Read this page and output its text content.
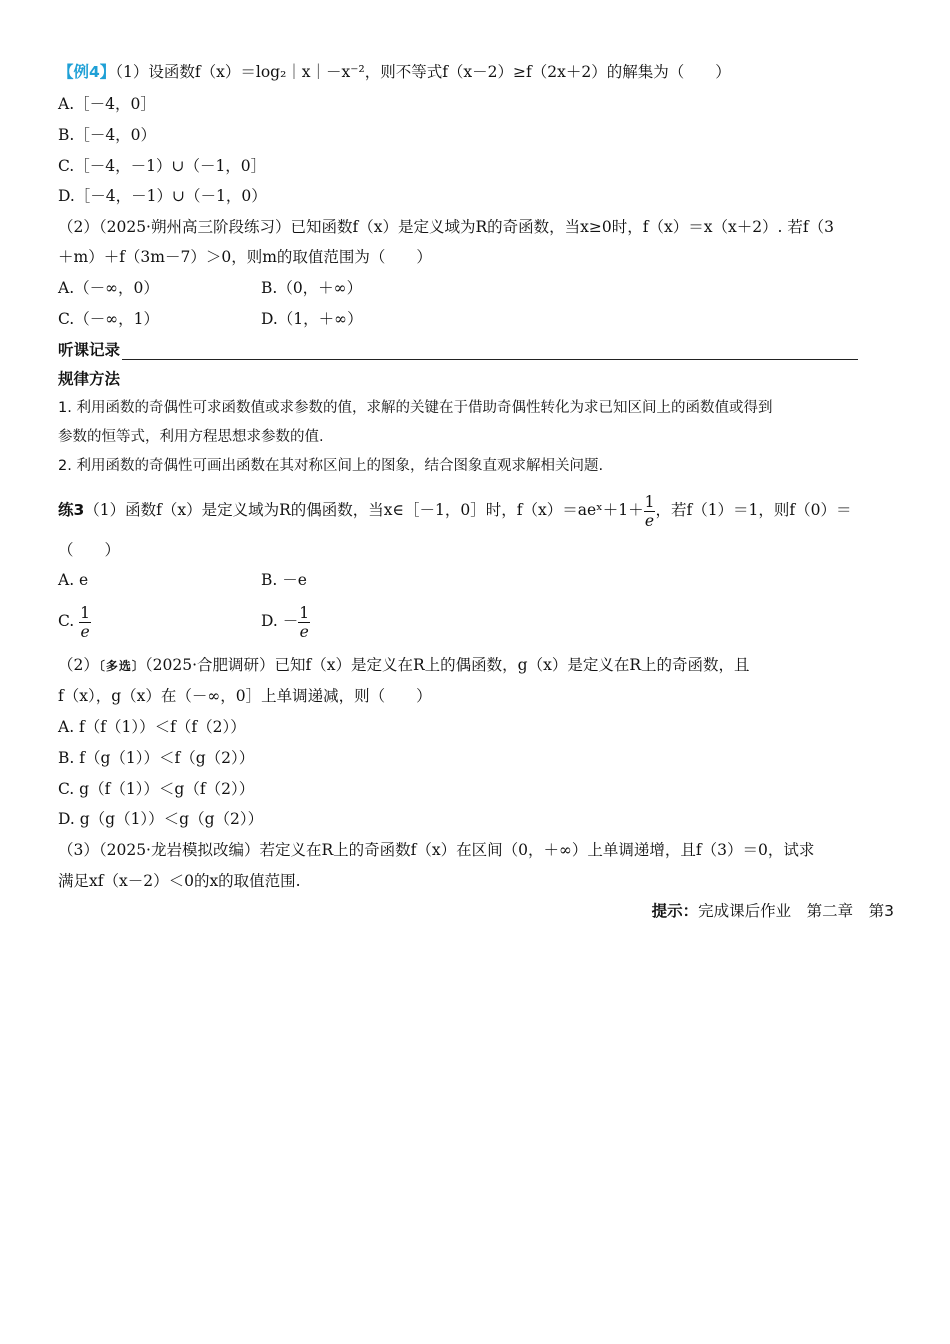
【例4】（1）设函数f（x）＝log₂｜x｜－x⁻²，则不等式f（x－2）≥f（2x＋2）的解集为（　　）
A.［－4，0］
B.［－4，0）
C.［－4，－1）∪（－1，0］
D.［－4，－1）∪（－1，0）
（2）（2025·朔州高三阶段练习）已知函数f（x）是定义域为R的奇函数，当x≥0时，f（x）＝x（x＋2）. 若f（3
＋m）＋f（3m－7）＞0，则m的取值范围为（　　）
A.（－∞，0）	B.（0，＋∞）
C.（－∞，1）	D.（1，＋∞）
听课记录
规律方法
1. 利用函数的奇偶性可求函数值或求参数的值，求解的关键在于借助奇偶性转化为求已知区间上的函数值或得到
参数的恒等式，利用方程思想求参数的值.
2. 利用函数的奇偶性可画出函数在其对称区间上的图象，结合图象直观求解相关问题.
练3（1）函数f（x）是定义域为R的偶函数，当x∈［－1，0］时，f（x）＝aeˣ＋1＋ $\frac{1}{e}$ ，若f（1）＝1，则f（0）＝
（　　）
A. e	B. －e
C. $\frac{1}{e}$	D. － $\frac{1}{e}$
（2）〔多选〕（2025·合肥调研）已知f（x）是定义在R上的偶函数，g（x）是定义在R上的奇函数，且
f（x），g（x）在（－∞，0］上单调递减，则（　　）
A. f（f（1））＜f（f（2））
B. f（g（1））＜f（g（2））
C. g（f（1））＜g（f（2））
D. g（g（1））＜g（g（2））
（3）（2025·龙岩模拟改编）若定义在R上的奇函数f（x）在区间（0，＋∞）上单调递增，且f（3）＝0，试求
满足xf（x－2）＜0的x的取值范围.
提示：完成课后作业　第二章　第3
